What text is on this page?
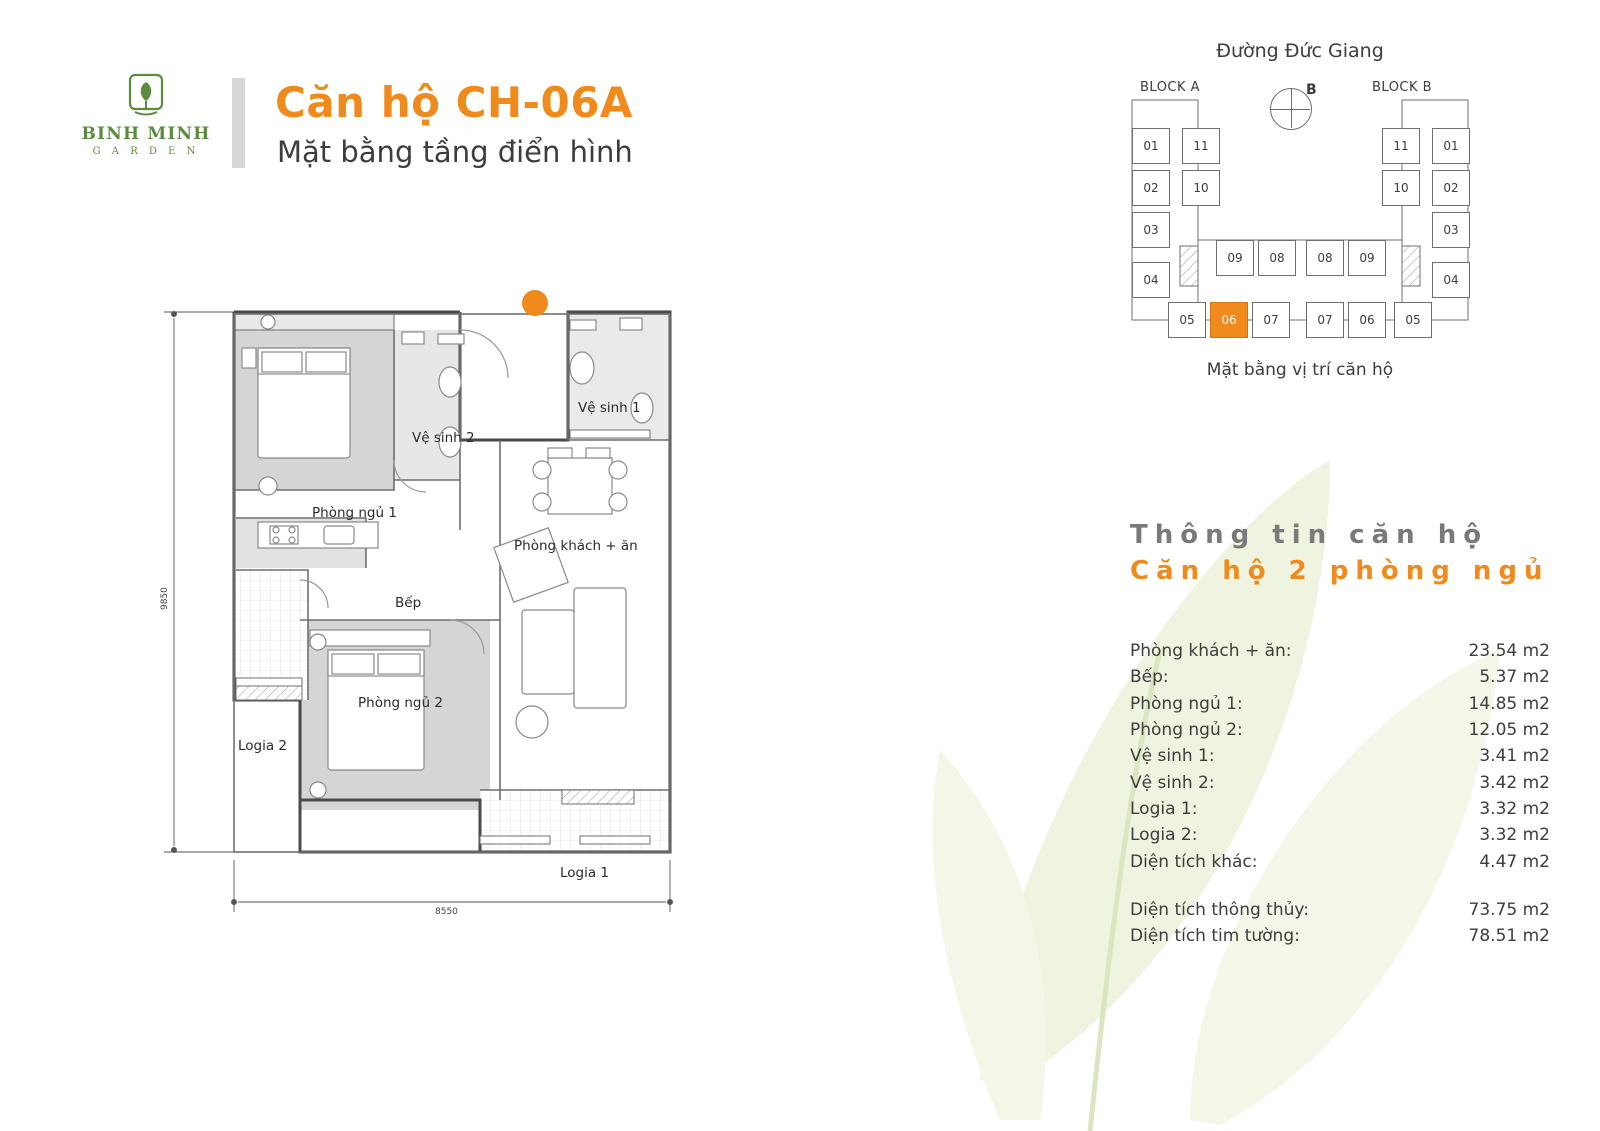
BINH MINH
G A R D E N
Căn hộ CH-06A
Mặt bằng tầng điển hình
Phòng ngủ 1
Vệ sinh 2
Vệ sinh 1
Phòng khách + ăn
Bếp
Phòng ngủ 2
Logia 2
Logia 1
9850
8550
Đường Đức Giang
BLOCK A	BLOCK B
B
01
02
03
04
05
11
10
09	08	08	09
06	07	07	06
11
10
01
02
03
04
05
Mặt bằng vị trí căn hộ
Thông tin căn hộ
Căn hộ 2 phòng ngủ
Phòng khách + ăn:	23.54 m2
Bếp:	5.37 m2
Phòng ngủ 1:	14.85 m2
Phòng ngủ 2:	12.05 m2
Vệ sinh 1:	3.41 m2
Vệ sinh 2:	3.42 m2
Logia 1:	3.32 m2
Logia 2:	3.32 m2
Diện tích khác:	4.47 m2
Diện tích thông thủy:	73.75 m2
Diện tích tim tường:	78.51 m2
